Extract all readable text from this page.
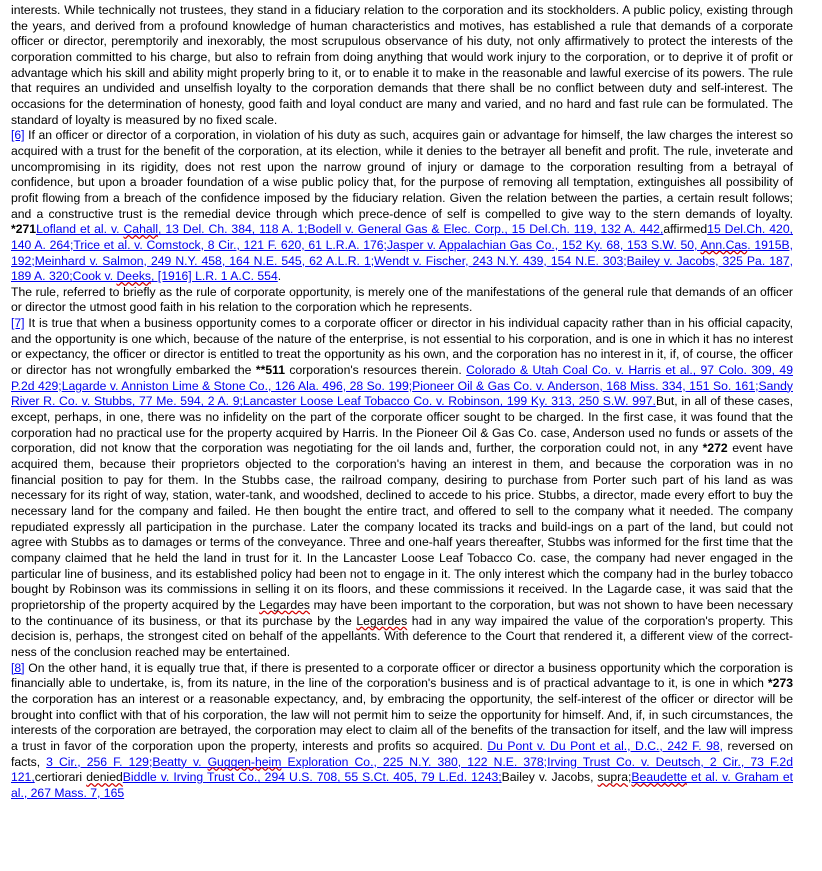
interests. While technically not trustees, they stand in a fiduciary relation to the corporation and its stockholders. A public policy, existing through the years, and derived from a profound knowledge of human characteristics and motives, has established a rule that demands of a corporate officer or director, peremptorily and inexorably, the most scrupulous observance of his duty, not only affirmatively to protect the interests of the corporation committed to his charge, but also to refrain from doing anything that would work injury to the corporation, or to deprive it of profit or advantage which his skill and ability might properly bring to it, or to enable it to make in the reasonable and lawful exercise of its powers. The rule that requires an undivided and unselfish loyalty to the corporation demands that there shall be no conflict between duty and self-interest. The occasions for the determination of honesty, good faith and loyal conduct are many and varied, and no hard and fast rule can be formulated. The standard of loyalty is measured by no fixed scale.

[6] If an officer or director of a corporation, in violation of his duty as such, acquires gain or advantage for himself, the law charges the interest so acquired with a trust for the benefit of the corporation, at its election, while it denies to the betrayer all benefit and profit. The rule, inveterate and uncompromising in its rigidity, does not rest upon the narrow ground of injury or damage to the corporation resulting from a betrayal of confidence, but upon a broader foundation of a wise public policy that, for the purpose of removing all temptation, extinguishes all possibility of profit flowing from a breach of the confidence imposed by the fiduciary relation. Given the relation between the parties, a certain result follows; and a constructive trust is the remedial device through which prece-dence of self is compelled to give way to the stern demands of loyalty. *271Lofland et al. v. Cahall, 13 Del. Ch. 384, 118 A. 1;Bodell v. General Gas & Elec. Corp., 15 Del.Ch. 119, 132 A. 442,affirmed15 Del.Ch. 420, 140 A. 264;Trice et al. v. Comstock, 8 Cir., 121 F. 620, 61 L.R.A. 176;Jasper v. Appalachian Gas Co., 152 Ky. 68, 153 S.W. 50, Ann.Cas. 1915B, 192;Meinhard v. Salmon, 249 N.Y. 458, 164 N.E. 545, 62 A.L.R. 1;Wendt v. Fischer, 243 N.Y. 439, 154 N.E. 303;Bailey v. Jacobs, 325 Pa. 187, 189 A. 320;Cook v. Deeks, [1916] L.R. 1 A.C. 554.

The rule, referred to briefly as the rule of corporate opportunity, is merely one of the manifestations of the general rule that demands of an officer or director the utmost good faith in his relation to the corporation which he represents.

[7] It is true that when a business opportunity comes to a corporate officer or director in his individual capacity rather than in his official capacity, and the opportunity is one which, because of the nature of the enterprise, is not essential to his corporation, and is one in which it has no interest or expectancy, the officer or director is entitled to treat the opportunity as his own, and the corporation has no interest in it, if, of course, the officer or director has not wrongfully embarked the **511 corporation's resources therein. Colorado & Utah Coal Co. v. Harris et al., 97 Colo. 309, 49 P.2d 429;Lagarde v. Anniston Lime & Stone Co., 126 Ala. 496, 28 So. 199;Pioneer Oil & Gas Co. v. Anderson, 168 Miss. 334, 151 So. 161;Sandy River R. Co. v. Stubbs, 77 Me. 594, 2 A. 9;Lancaster Loose Leaf Tobacco Co. v. Robinson, 199 Ky. 313, 250 S.W. 997.But, in all of these cases, except, perhaps, in one, there was no infidelity on the part of the corporate officer sought to be charged. In the first case, it was found that the corporation had no practical use for the property acquired by Harris. In the Pioneer Oil & Gas Co. case, Anderson used no funds or assets of the corporation, did not know that the corporation was negotiating for the oil lands and, further, the corporation could not, in any *272 event have acquired them, because their proprietors objected to the corporation's having an interest in them, and because the corporation was in no financial position to pay for them. In the Stubbs case, the railroad company, desiring to purchase from Porter such part of his land as was necessary for its right of way, station, water-tank, and woodshed, declined to accede to his price. Stubbs, a director, made every effort to buy the necessary land for the company and failed. He then bought the entire tract, and offered to sell to the company what it needed. The company repudiated expressly all participation in the purchase. Later the company located its tracks and build-ings on a part of the land, but could not agree with Stubbs as to damages or terms of the conveyance. Three and one-half years thereafter, Stubbs was informed for the first time that the company claimed that he held the land in trust for it. In the Lancaster Loose Leaf Tobacco Co. case, the company had never engaged in the particular line of business, and its established policy had been not to engage in it. The only interest which the company had in the burley tobacco bought by Robinson was its commissions in selling it on its floors, and these commissions it received. In the Lagarde case, it was said that the proprietorship of the property acquired by the Legardes may have been important to the corporation, but was not shown to have been necessary to the continuance of its business, or that its purchase by the Legardes had in any way impaired the value of the corporation's property. This decision is, perhaps, the strongest cited on behalf of the appellants. With deference to the Court that rendered it, a different view of the correct-ness of the conclusion reached may be entertained.

[8] On the other hand, it is equally true that, if there is presented to a corporate officer or director a business opportunity which the corporation is financially able to undertake, is, from its nature, in the line of the corporation's business and is of practical advantage to it, is one in which *273 the corporation has an interest or a reasonable expectancy, and, by embracing the opportunity, the self-interest of the officer or director will be brought into conflict with that of his corporation, the law will not permit him to seize the opportunity for himself. And, if, in such circumstances, the interests of the corporation are betrayed, the corporation may elect to claim all of the benefits of the transaction for itself, and the law will impress a trust in favor of the corporation upon the property, interests and profits so acquired. Du Pont v. Du Pont et al., D.C., 242 F. 98, reversed on facts, 3 Cir., 256 F. 129;Beatty v. Guggen-heim Exploration Co., 225 N.Y. 380, 122 N.E. 378;Irving Trust Co. v. Deutsch, 2 Cir., 73 F.2d 121,certiorari deniedBiddle v. Irving Trust Co., 294 U.S. 708, 55 S.Ct. 405, 79 L.Ed. 1243;Bailey v. Jacobs, supra;Beaudette et al. v. Graham et al., 267 Mass. 7, 165
